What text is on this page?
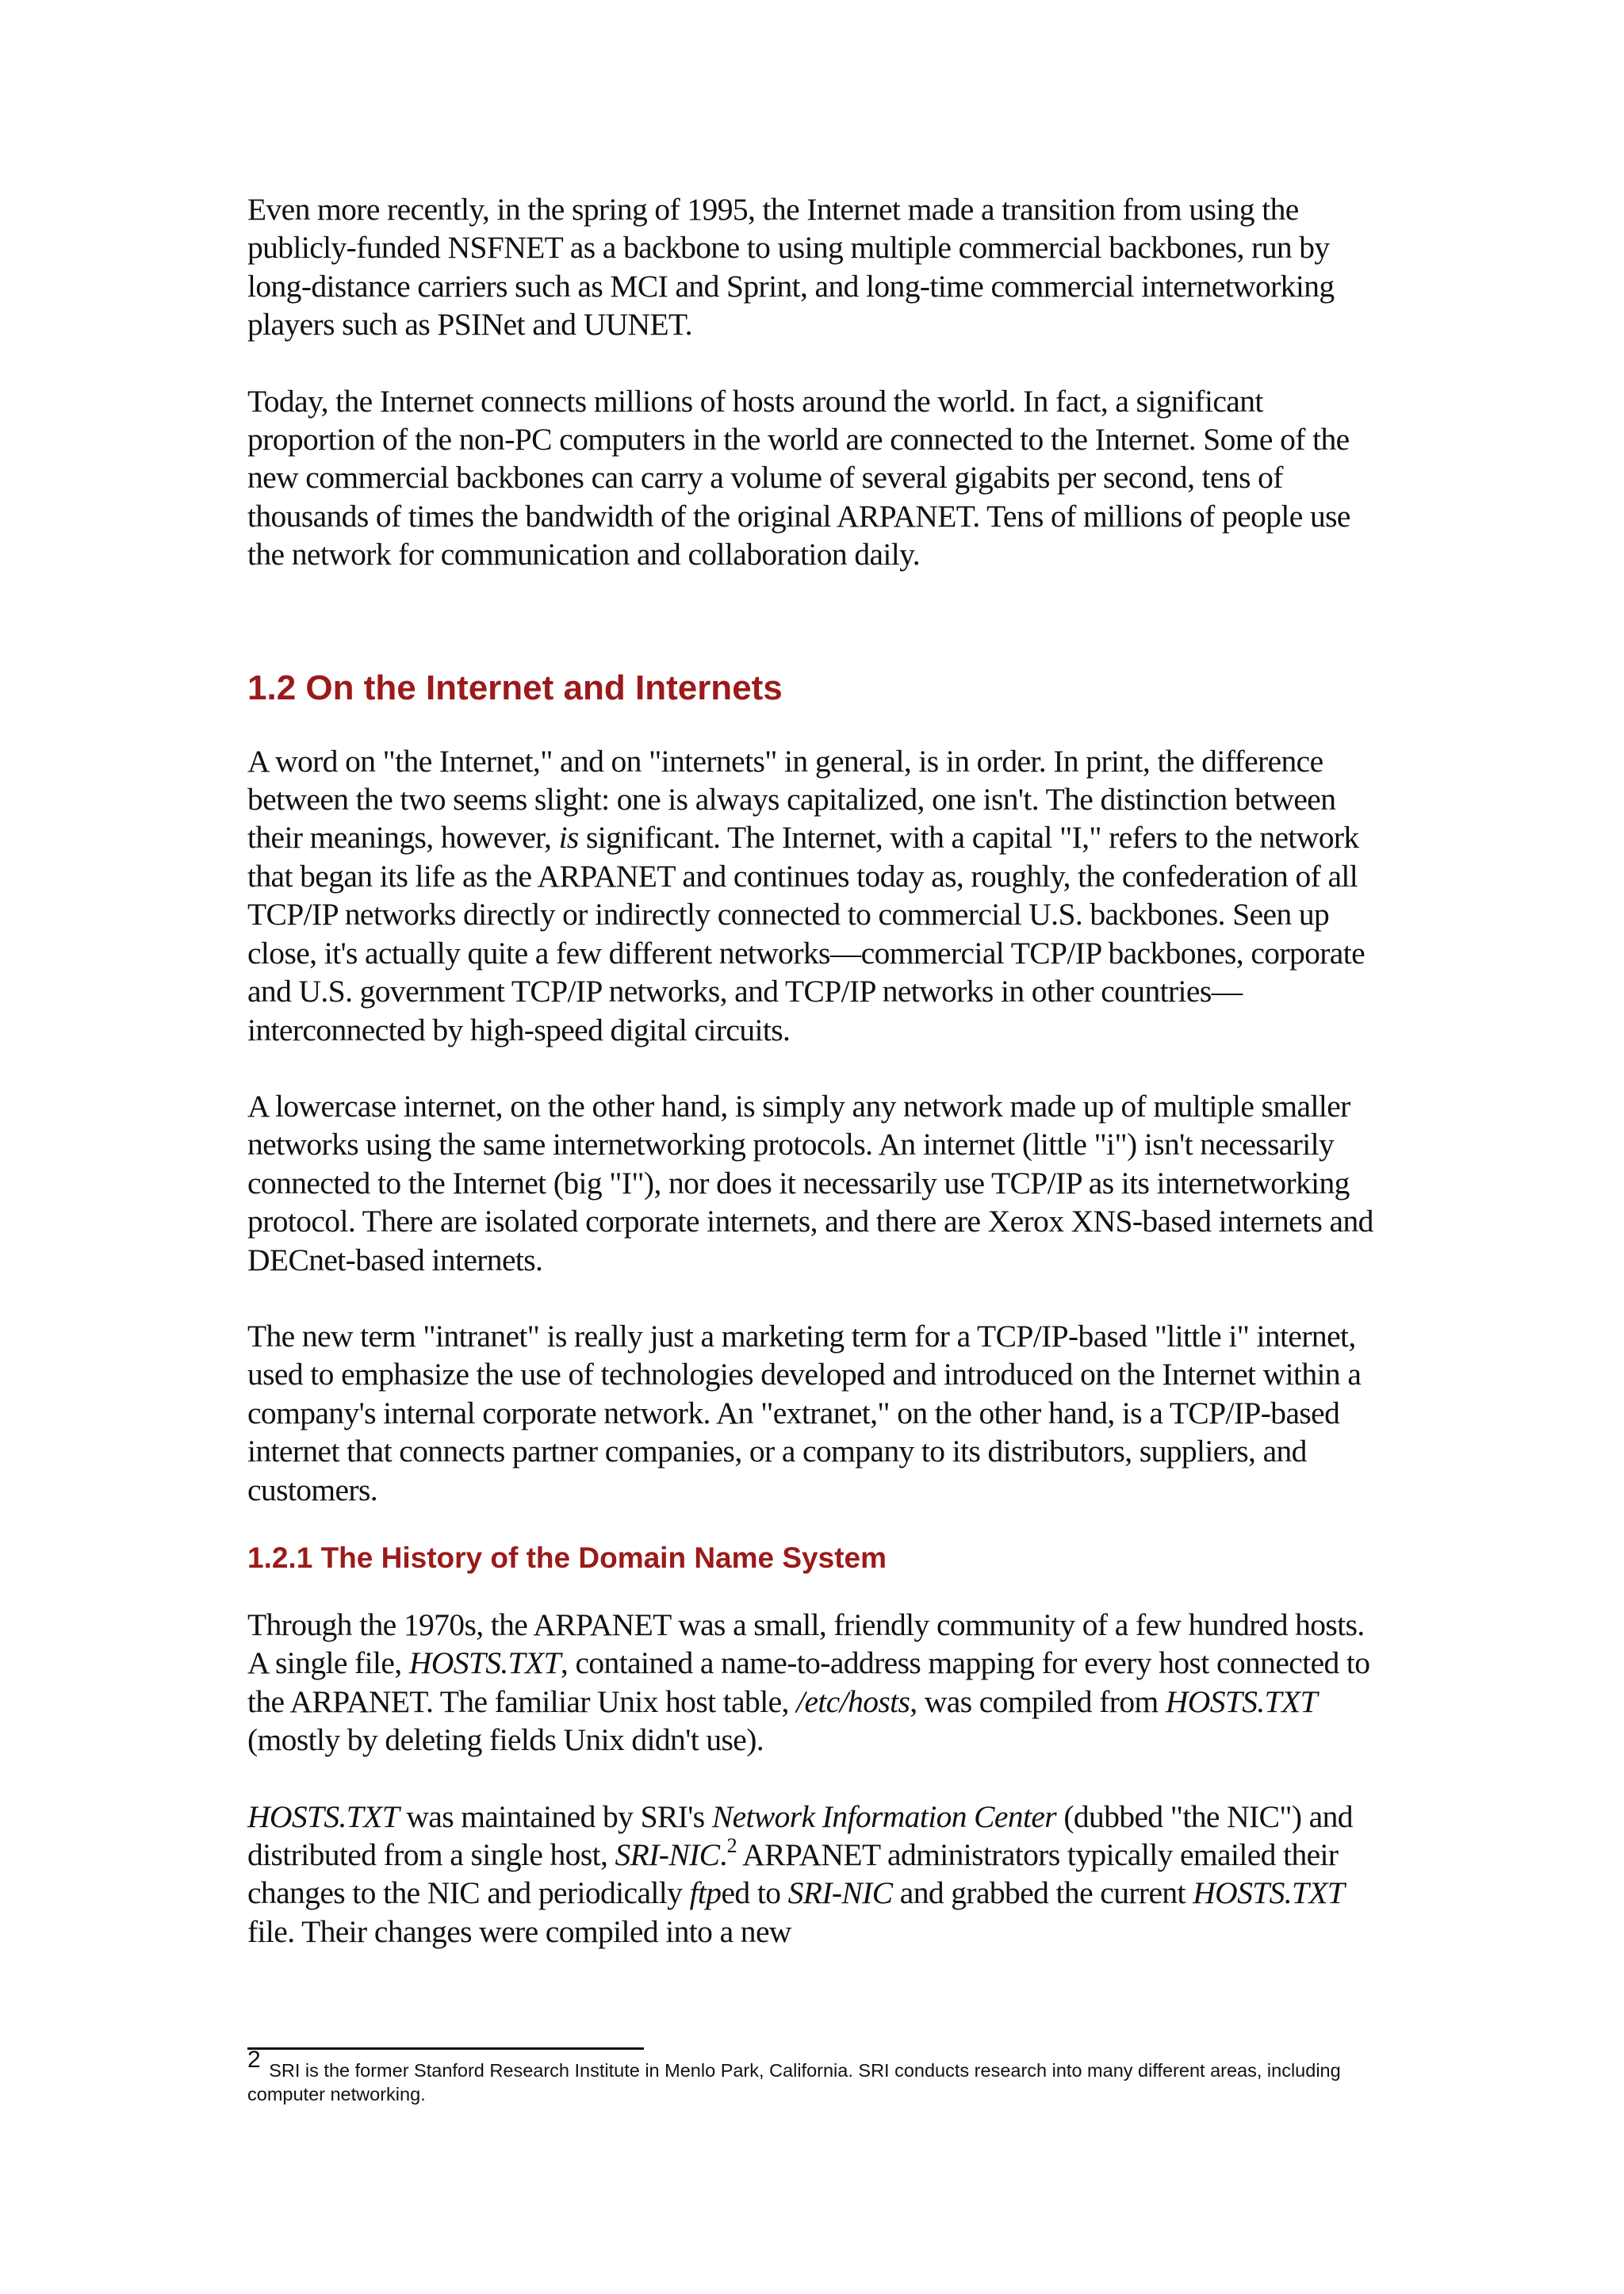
Even more recently, in the spring of 1995, the Internet made a transition from using the publicly-funded NSFNET as a backbone to using multiple commercial backbones, run by long-distance carriers such as MCI and Sprint, and long-time commercial internetworking players such as PSINet and UUNET.

Today, the Internet connects millions of hosts around the world. In fact, a significant proportion of the non-PC computers in the world are connected to the Internet. Some of the new commercial backbones can carry a volume of several gigabits per second, tens of thousands of times the bandwidth of the original ARPANET. Tens of millions of people use the network for communication and collaboration daily.

1.2 On the Internet and Internets

A word on "the Internet," and on "internets" in general, is in order. In print, the difference between the two seems slight: one is always capitalized, one isn't. The distinction between their meanings, however, is significant. The Internet, with a capital "I," refers to the network that began its life as the ARPANET and continues today as, roughly, the confederation of all TCP/IP networks directly or indirectly connected to commercial U.S. backbones. Seen up close, it's actually quite a few different networks—commercial TCP/IP backbones, corporate and U.S. government TCP/IP networks, and TCP/IP networks in other countries—interconnected by high-speed digital circuits.

A lowercase internet, on the other hand, is simply any network made up of multiple smaller networks using the same internetworking protocols. An internet (little "i") isn't necessarily connected to the Internet (big "I"), nor does it necessarily use TCP/IP as its internetworking protocol. There are isolated corporate internets, and there are Xerox XNS-based internets and DECnet-based internets.

The new term "intranet" is really just a marketing term for a TCP/IP-based "little i" internet, used to emphasize the use of technologies developed and introduced on the Internet within a company's internal corporate network. An "extranet," on the other hand, is a TCP/IP-based internet that connects partner companies, or a company to its distributors, suppliers, and customers.

1.2.1 The History of the Domain Name System

Through the 1970s, the ARPANET was a small, friendly community of a few hundred hosts. A single file, HOSTS.TXT, contained a name-to-address mapping for every host connected to the ARPANET. The familiar Unix host table, /etc/hosts, was compiled from HOSTS.TXT (mostly by deleting fields Unix didn't use).

HOSTS.TXT was maintained by SRI's Network Information Center (dubbed "the NIC") and distributed from a single host, SRI-NIC.$^2$ ARPANET administrators typically emailed their changes to the NIC and periodically ftped to SRI-NIC and grabbed the current HOSTS.TXT file. Their changes were compiled into a new

2 SRI is the former Stanford Research Institute in Menlo Park, California. SRI conducts research into many different areas, including computer networking.
